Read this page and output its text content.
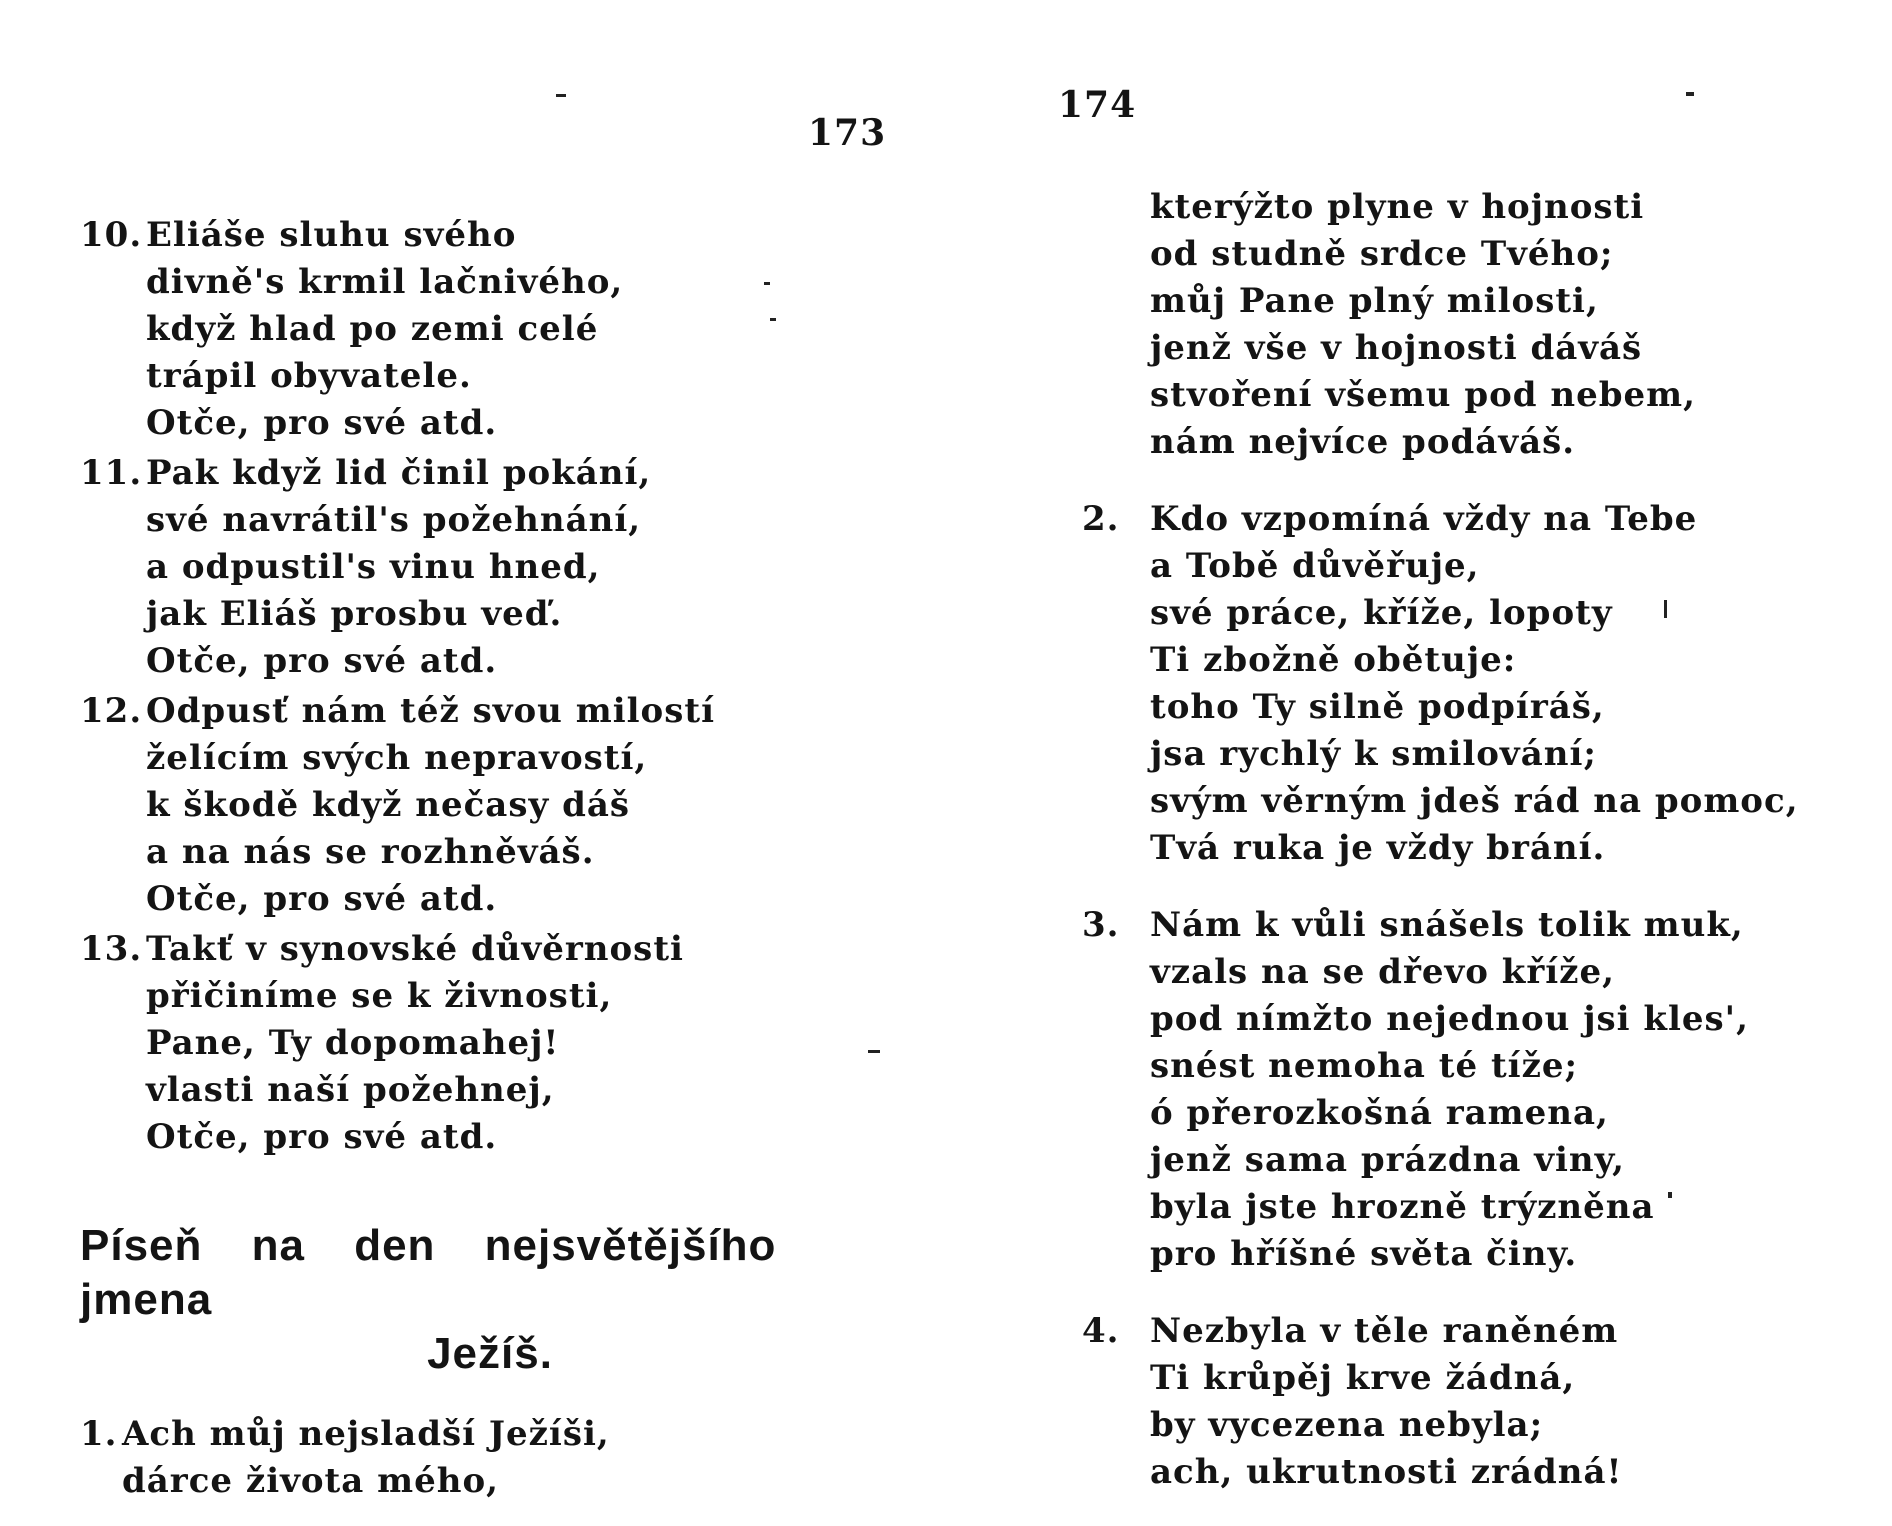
173
174
10. Eliáše sluhu svého
divně's krmil lačnivého,
když hlad po zemi celé
trápil obyvatele.
Otče, pro své atd.
11. Pak když lid činil pokání,
své navrátil's požehnání,
a odpustil's vinu hned,
jak Eliáš prosbu veď.
Otče, pro své atd.
12. Odpusť nám též svou milostí
želícím svých nepravostí,
k škodě když nečasy dáš
a na nás se rozhněváš.
Otče, pro své atd.
13. Takť v synovské důvěrnosti
přičiníme se k živnosti,
Pane, Ty dopomahej!
vlasti naší požehnej,
Otče, pro své atd.
Píseň na den nejsvětějšího jmena
Ježíš.
1. Ach můj nejsladší Ježíši,
dárce života mého,
kterýžto plyne v hojnosti
od studně srdce Tvého;
můj Pane plný milosti,
jenž vše v hojnosti dáváš
stvoření všemu pod nebem,
nám nejvíce podáváš.
2. Kdo vzpomíná vždy na Tebe
a Tobě důvěřuje,
své práce, kříže, lopoty
Ti zbožně obětuje:
toho Ty silně podpíráš,
jsa rychlý k smilování;
svým věrným jdeš rád na pomoc,
Tvá ruka je vždy brání.
3. Nám k vůli snášels tolik muk,
vzals na se dřevo kříže,
pod nímžto nejednou jsi kles',
snést nemoha té tíže;
ó přerozkošná ramena,
jenž sama prázdna viny,
byla jste hrozně trýzněna
pro hříšné světa činy.
4. Nezbyla v těle raněném
Ti krůpěj krve žádná,
by vycezena nebyla;
ach, ukrutnosti zrádná!
